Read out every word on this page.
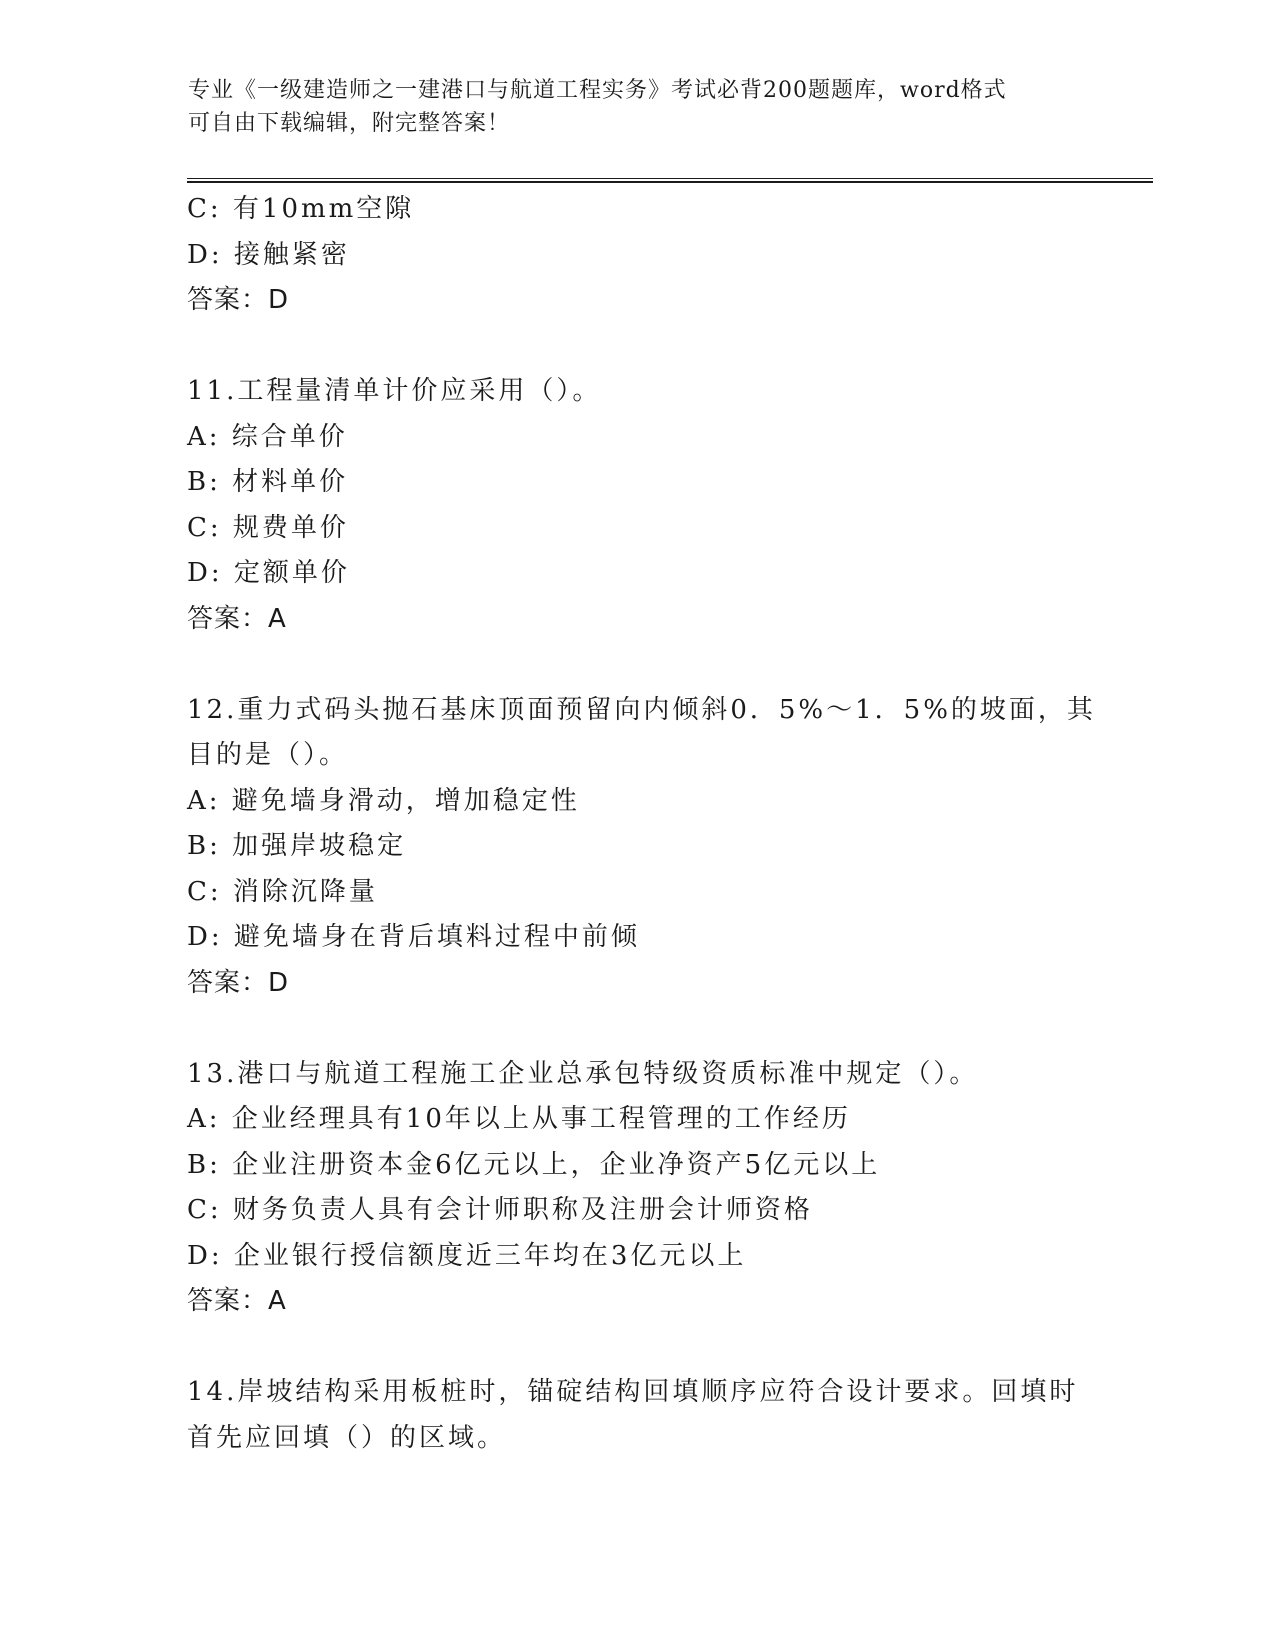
专业《一级建造师之一建港口与航道工程实务》考试必背200题题库，word格式
可自由下载编辑，附完整答案！
C: 有10mm空隙
D: 接触紧密
答案：D
11.工程量清单计价应采用（）。
A: 综合单价
B: 材料单价
C: 规费单价
D: 定额单价
答案：A
12.重力式码头抛石基床顶面预留向内倾斜0．5%～1．5%的坡面，其
目的是（）。
A: 避免墙身滑动，增加稳定性
B: 加强岸坡稳定
C: 消除沉降量
D: 避免墙身在背后填料过程中前倾
答案：D
13.港口与航道工程施工企业总承包特级资质标准中规定（）。
A: 企业经理具有10年以上从事工程管理的工作经历
B: 企业注册资本金6亿元以上，企业净资产5亿元以上
C: 财务负责人具有会计师职称及注册会计师资格
D: 企业银行授信额度近三年均在3亿元以上
答案：A
14.岸坡结构采用板桩时，锚碇结构回填顺序应符合设计要求。回填时
首先应回填（）的区域。
